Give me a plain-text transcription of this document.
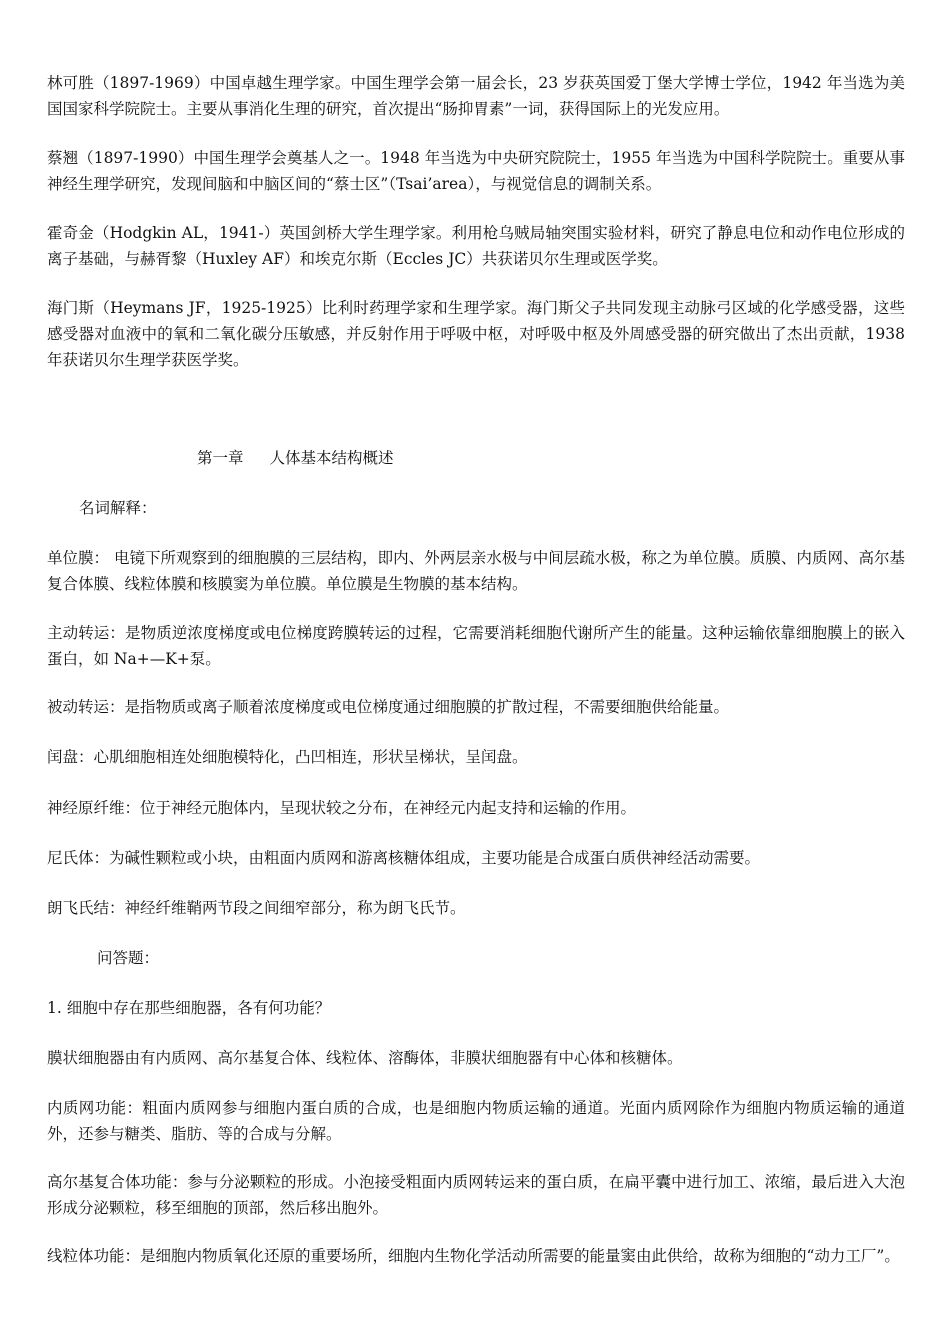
林可胜（1897-1969）中国卓越生理学家。中国生理学会第一届会长，23 岁获英国爱丁堡大学博士学位，1942 年当选为美国国家科学院院士。主要从事消化生理的研究，首次提出“肠抑胃素”一词，获得国际上的光发应用。

蔡翘（1897-1990）中国生理学会奠基人之一。1948 年当选为中央研究院院士，1955 年当选为中国科学院院士。重要从事神经生理学研究，发现间脑和中脑区间的“蔡士区”（Tsai’area），与视觉信息的调制关系。

霍奇金（Hodgkin AL，1941-）英国剑桥大学生理学家。利用枪乌贼局轴突围实验材料，研究了静息电位和动作电位形成的离子基础，与赫胥黎（Huxley AF）和埃克尔斯（Eccles JC）共获诺贝尔生理或医学奖。

海门斯（Heymans JF，1925-1925）比利时药理学家和生理学家。海门斯父子共同发现主动脉弓区域的化学感受器，这些感受器对血液中的氧和二氧化碳分压敏感，并反射作用于呼吸中枢，对呼吸中枢及外周感受器的研究做出了杰出贡献，1938 年获诺贝尔生理学获医学奖。

第一章 人体基本结构概述

名词解释：

单位膜： 电镜下所观察到的细胞膜的三层结构，即内、外两层亲水极与中间层疏水极，称之为单位膜。质膜、内质网、高尔基复合体膜、线粒体膜和核膜窦为单位膜。单位膜是生物膜的基本结构。

主动转运：是物质逆浓度梯度或电位梯度跨膜转运的过程，它需要消耗细胞代谢所产生的能量。这种运输依靠细胞膜上的嵌入蛋白，如 Na+—K+泵。

被动转运：是指物质或离子顺着浓度梯度或电位梯度通过细胞膜的扩散过程，不需要细胞供给能量。

闰盘：心肌细胞相连处细胞模特化，凸凹相连，形状呈梯状，呈闰盘。

神经原纤维：位于神经元胞体内，呈现状较之分布，在神经元内起支持和运输的作用。

尼氏体：为碱性颗粒或小块，由粗面内质网和游离核糖体组成，主要功能是合成蛋白质供神经活动需要。

朗飞氏结：神经纤维鞘两节段之间细窄部分，称为朗飞氏节。

问答题：

1. 细胞中存在那些细胞器，各有何功能？

膜状细胞器由有内质网、高尔基复合体、线粒体、溶酶体，非膜状细胞器有中心体和核糖体。

内质网功能：粗面内质网参与细胞内蛋白质的合成，也是细胞内物质运输的通道。光面内质网除作为细胞内物质运输的通道外，还参与糖类、脂肪、等的合成与分解。

高尔基复合体功能：参与分泌颗粒的形成。小泡接受粗面内质网转运来的蛋白质，在扁平囊中进行加工、浓缩，最后进入大泡形成分泌颗粒，移至细胞的顶部，然后移出胞外。

线粒体功能：是细胞内物质氧化还原的重要场所，细胞内生物化学活动所需要的能量窦由此供给，故称为细胞的“动力工厂”。
